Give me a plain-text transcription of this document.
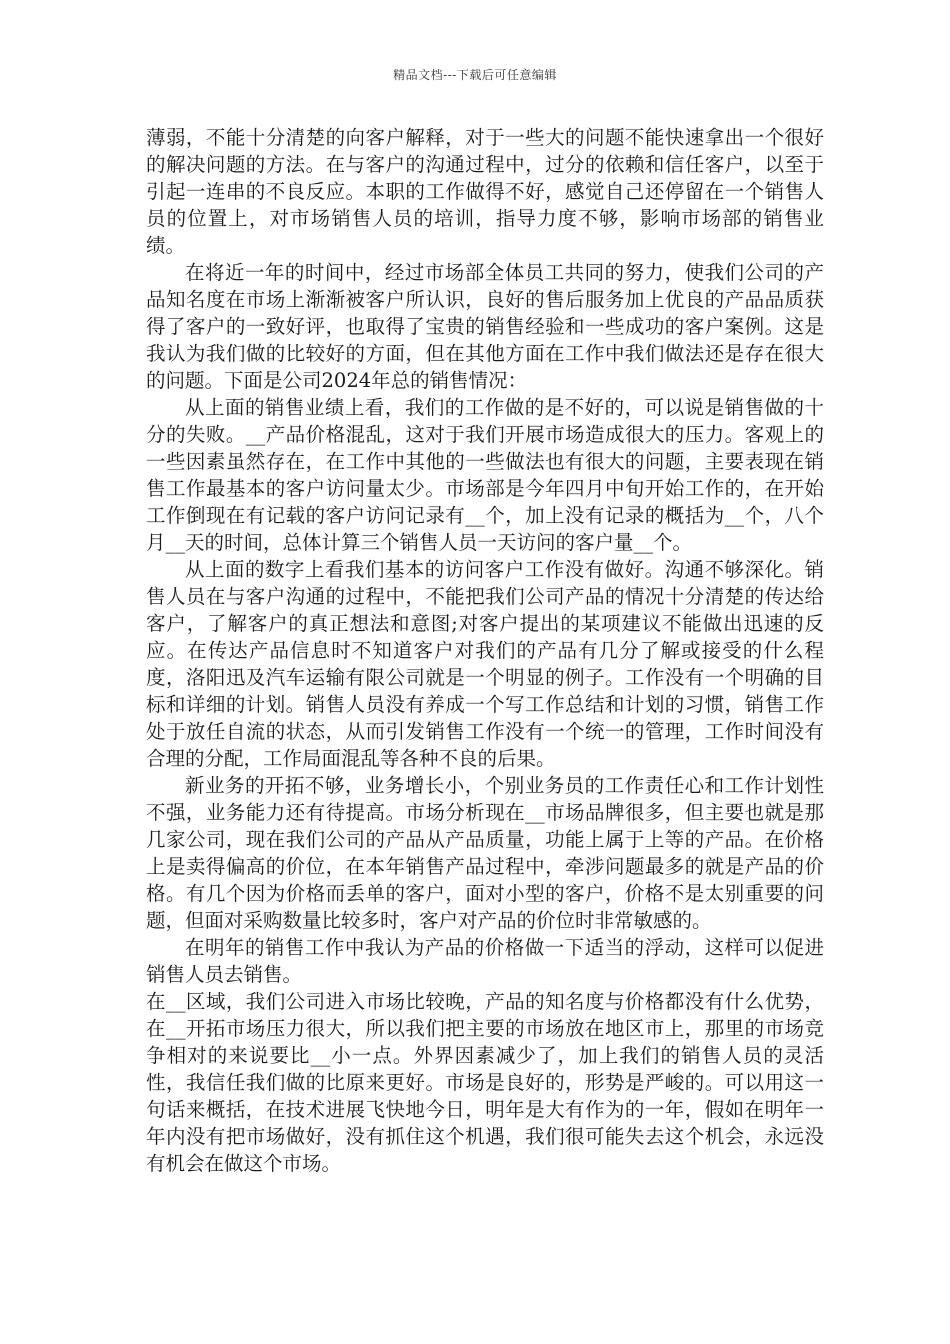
精品文档---下载后可任意编辑

薄弱，不能十分清楚的向客户解释，对于一些大的问题不能快速拿出一个很好的解决问题的方法。在与客户的沟通过程中，过分的依赖和信任客户，以至于引起一连串的不良反应。本职的工作做得不好，感觉自己还停留在一个销售人员的位置上，对市场销售人员的培训，指导力度不够，影响市场部的销售业绩。

在将近一年的时间中，经过市场部全体员工共同的努力，使我们公司的产品知名度在市场上渐渐被客户所认识，良好的售后服务加上优良的产品品质获得了客户的一致好评，也取得了宝贵的销售经验和一些成功的客户案例。这是我认为我们做的比较好的方面，但在其他方面在工作中我们做法还是存在很大的问题。下面是公司2024年总的销售情况：

从上面的销售业绩上看，我们的工作做的是不好的，可以说是销售做的十分的失败。__产品价格混乱，这对于我们开展市场造成很大的压力。客观上的一些因素虽然存在，在工作中其他的一些做法也有很大的问题，主要表现在销售工作最基本的客户访问量太少。市场部是今年四月中旬开始工作的，在开始工作倒现在有记载的客户访问记录有__个，加上没有记录的概括为__个，八个月__天的时间，总体计算三个销售人员一天访问的客户量__个。

从上面的数字上看我们基本的访问客户工作没有做好。沟通不够深化。销售人员在与客户沟通的过程中，不能把我们公司产品的情况十分清楚的传达给客户，了解客户的真正想法和意图;对客户提出的某项建议不能做出迅速的反应。在传达产品信息时不知道客户对我们的产品有几分了解或接受的什么程度，洛阳迅及汽车运输有限公司就是一个明显的例子。工作没有一个明确的目标和详细的计划。销售人员没有养成一个写工作总结和计划的习惯，销售工作处于放任自流的状态，从而引发销售工作没有一个统一的管理，工作时间没有合理的分配，工作局面混乱等各种不良的后果。

新业务的开拓不够，业务增长小，个别业务员的工作责任心和工作计划性不强，业务能力还有待提高。市场分析现在__市场品牌很多，但主要也就是那几家公司，现在我们公司的产品从产品质量，功能上属于上等的产品。在价格上是卖得偏高的价位，在本年销售产品过程中，牵涉问题最多的就是产品的价格。有几个因为价格而丢单的客户，面对小型的客户，价格不是太别重要的问题，但面对采购数量比较多时，客户对产品的价位时非常敏感的。

在明年的销售工作中我认为产品的价格做一下适当的浮动，这样可以促进销售人员去销售。

在__区域，我们公司进入市场比较晚，产品的知名度与价格都没有什么优势，在__开拓市场压力很大，所以我们把主要的市场放在地区市上，那里的市场竞争相对的来说要比__小一点。外界因素减少了，加上我们的销售人员的灵活性，我信任我们做的比原来更好。市场是良好的，形势是严峻的。可以用这一句话来概括，在技术进展飞快地今日，明年是大有作为的一年，假如在明年一年内没有把市场做好，没有抓住这个机遇，我们很可能失去这个机会，永远没有机会在做这个市场。
